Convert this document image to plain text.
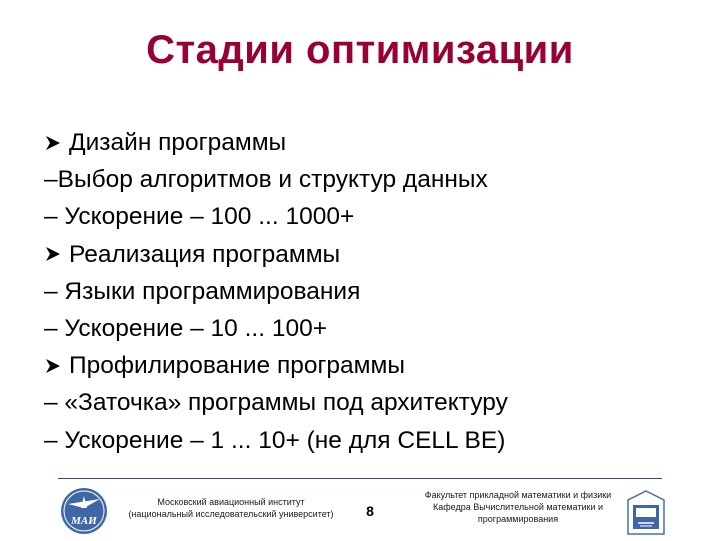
Стадии оптимизации
Дизайн программы
–Выбор алгоритмов и структур данных
– Ускорение – 100 ... 1000+
Реализация программы
– Языки программирования
– Ускорение – 10 ... 100+
Профилирование программы
– «Заточка» программы под архитектуру
– Ускорение – 1 ... 10+ (не для CELL BE)
МАИ
Московский авиационный институт
(национальный исследовательский университет)	8
Факультет прикладной математики и физики
Кафедра Вычислительной математики и
программирования
